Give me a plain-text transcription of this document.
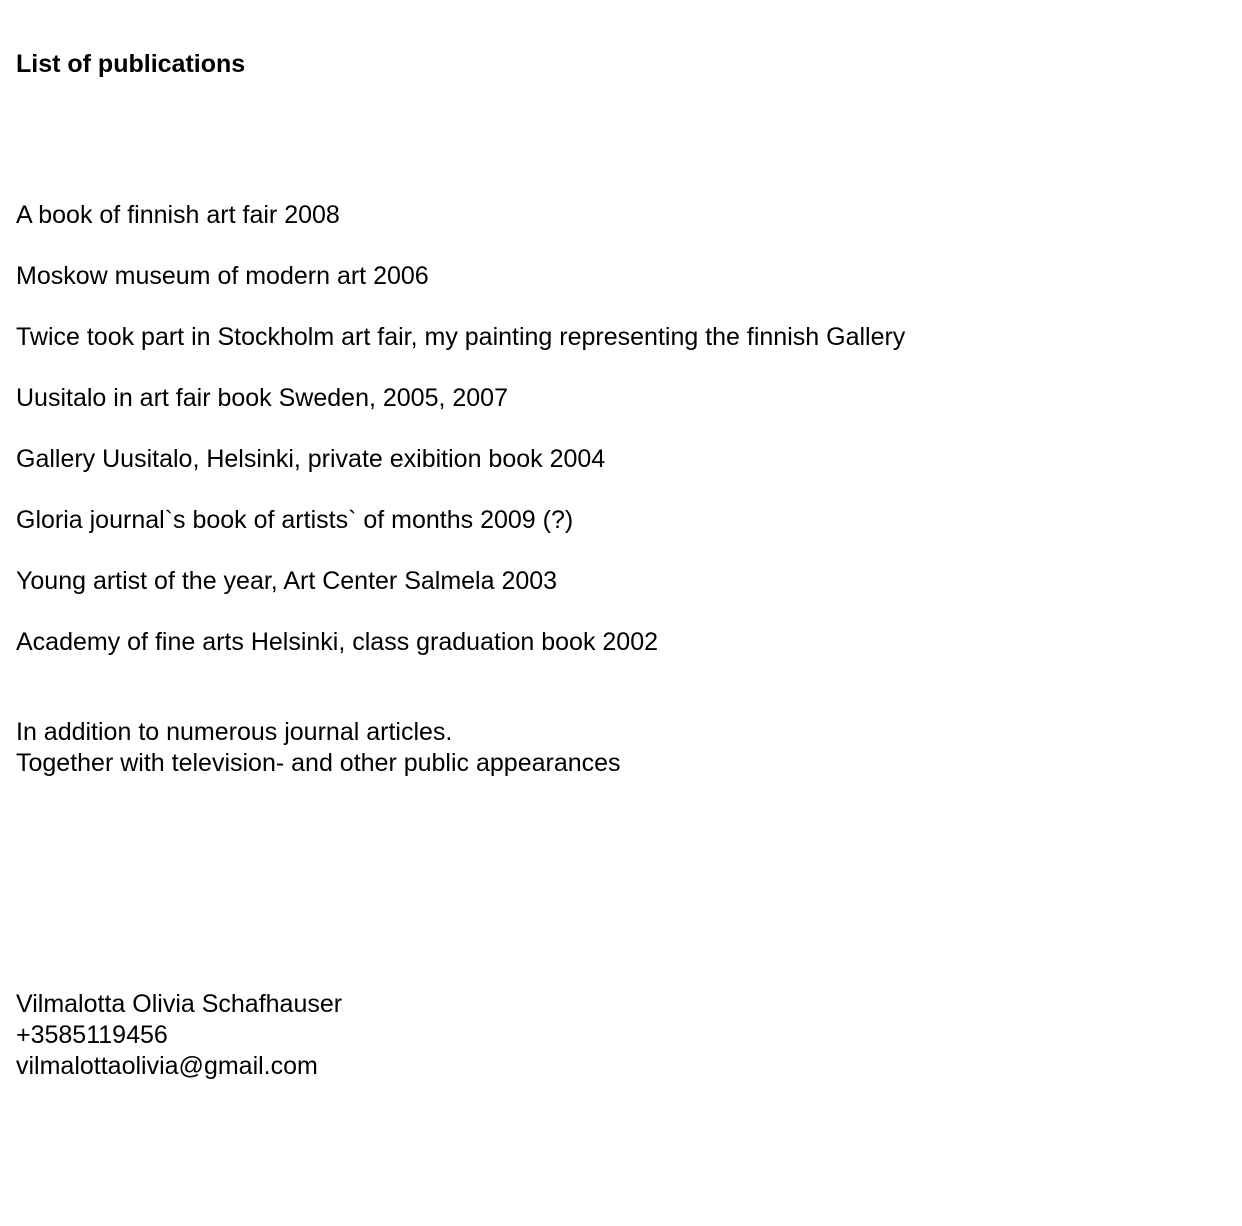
List of publications
A book of finnish art fair 2008
Moskow museum of modern art 2006
Twice took part in Stockholm art fair, my painting representing the finnish Gallery
Uusitalo in art fair book Sweden, 2005, 2007
Gallery Uusitalo, Helsinki, private exibition book 2004
Gloria journal`s book of artists` of months 2009 (?)
Young artist of the year, Art Center Salmela 2003
Academy of fine arts Helsinki, class graduation book 2002
In addition to numerous journal articles.
Together with television- and other public appearances
Vilmalotta Olivia Schafhauser
+3585119456
vilmalottaolivia@gmail.com
